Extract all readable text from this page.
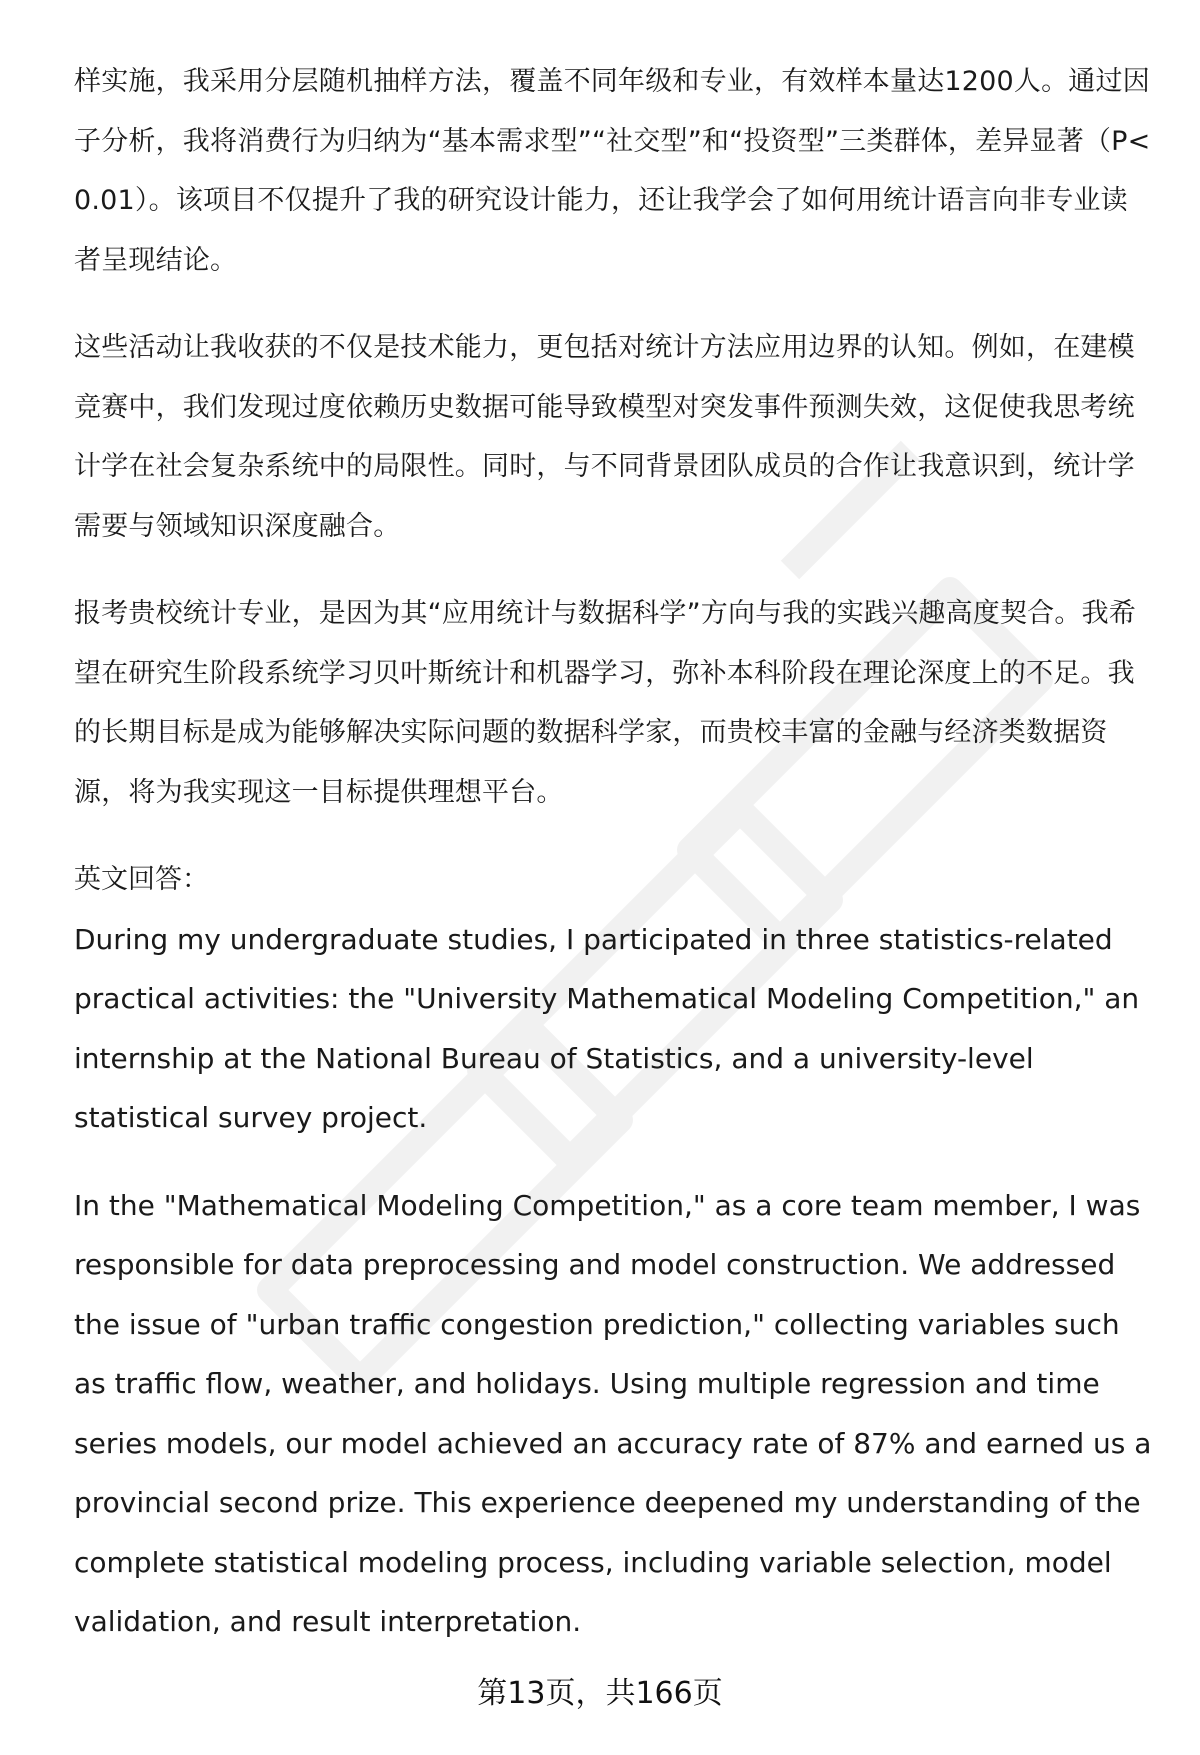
样实施，我采用分层随机抽样方法，覆盖不同年级和专业，有效样本量达1200人。通过因子分析，我将消费行为归纳为“基本需求型”“社交型”和“投资型”三类群体，差异显著（P<0.01）。该项目不仅提升了我的研究设计能力，还让我学会了如何用统计语言向非专业读者呈现结论。

这些活动让我收获的不仅是技术能力，更包括对统计方法应用边界的认知。例如，在建模竞赛中，我们发现过度依赖历史数据可能导致模型对突发事件预测失效，这促使我思考统计学在社会复杂系统中的局限性。同时，与不同背景团队成员的合作让我意识到，统计学需要与领域知识深度融合。

报考贵校统计专业，是因为其“应用统计与数据科学”方向与我的实践兴趣高度契合。我希望在研究生阶段系统学习贝叶斯统计和机器学习，弥补本科阶段在理论深度上的不足。我的长期目标是成为能够解决实际问题的数据科学家，而贵校丰富的金融与经济类数据资源，将为我实现这一目标提供理想平台。

英文回答：

During my undergraduate studies, I participated in three statistics-related practical activities: the "University Mathematical Modeling Competition," an internship at the National Bureau of Statistics, and a university-level statistical survey project.

In the "Mathematical Modeling Competition," as a core team member, I was responsible for data preprocessing and model construction. We addressed the issue of "urban traffic congestion prediction," collecting variables such as traffic flow, weather, and holidays. Using multiple regression and time series models, our model achieved an accuracy rate of 87% and earned us a provincial second prize. This experience deepened my understanding of the complete statistical modeling process, including variable selection, model validation, and result interpretation.

第13页，共166页
